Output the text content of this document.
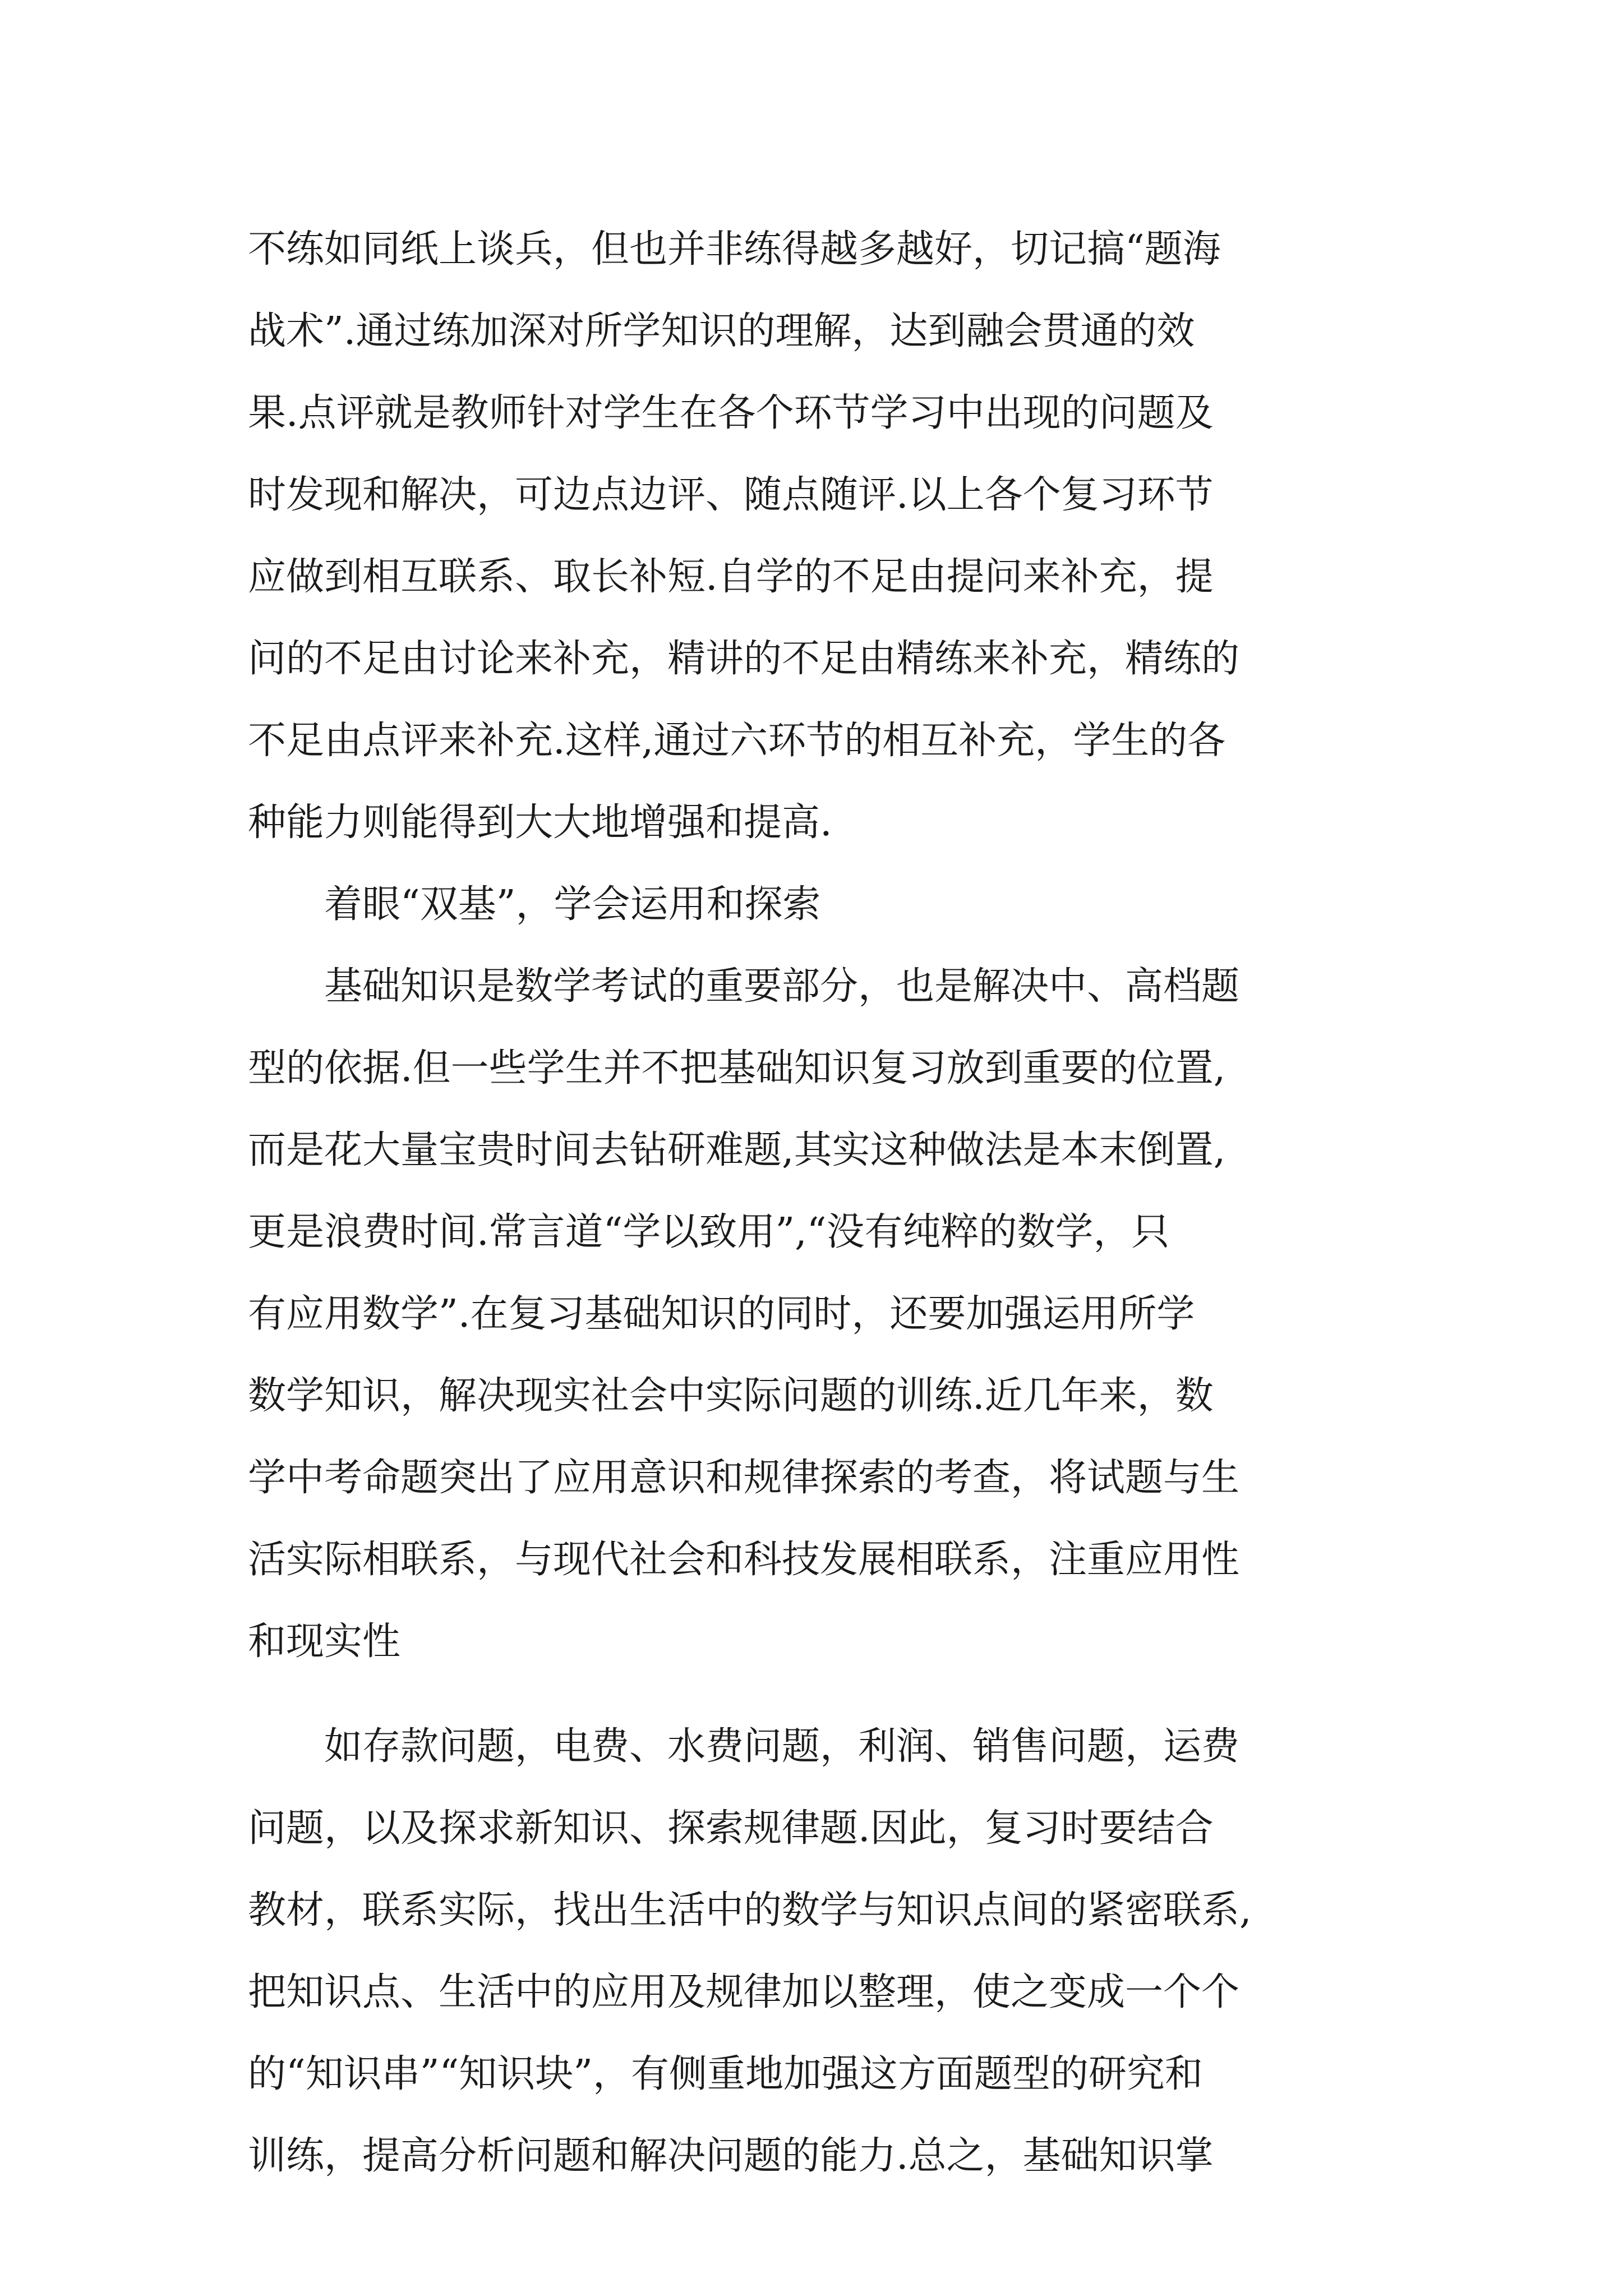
不练如同纸上谈兵，但也并非练得越多越好，切记搞“题海
战术”.通过练加深对所学知识的理解，达到融会贯通的效
果.点评就是教师针对学生在各个环节学习中出现的问题及
时发现和解决，可边点边评、随点随评.以上各个复习环节
应做到相互联系、取长补短.自学的不足由提问来补充，提
问的不足由讨论来补充，精讲的不足由精练来补充，精练的
不足由点评来补充.这样,通过六环节的相互补充，学生的各
种能力则能得到大大地增强和提高.
　　着眼“双基”，学会运用和探索
　　基础知识是数学考试的重要部分，也是解决中、高档题
型的依据.但一些学生并不把基础知识复习放到重要的位置,
而是花大量宝贵时间去钻研难题,其实这种做法是本末倒置,
更是浪费时间.常言道“学以致用”,“没有纯粹的数学，只
有应用数学”.在复习基础知识的同时，还要加强运用所学
数学知识，解决现实社会中实际问题的训练.近几年来，数
学中考命题突出了应用意识和规律探索的考查，将试题与生
活实际相联系，与现代社会和科技发展相联系，注重应用性
和现实性
　　如存款问题，电费、水费问题，利润、销售问题，运费
问题，以及探求新知识、探索规律题.因此，复习时要结合
教材，联系实际，找出生活中的数学与知识点间的紧密联系,
把知识点、生活中的应用及规律加以整理，使之变成一个个
的“知识串”“知识块”，有侧重地加强这方面题型的研究和
训练，提高分析问题和解决问题的能力.总之，基础知识掌
